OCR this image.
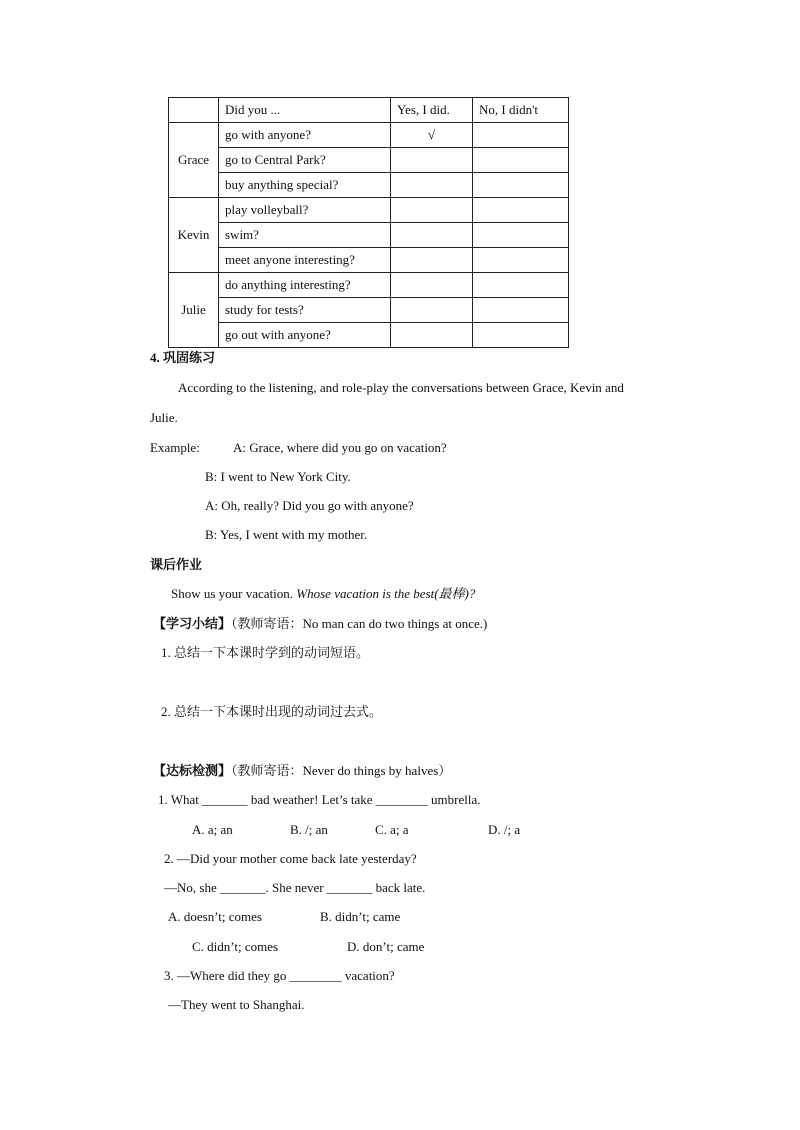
	Did you ...	Yes, I did.	No, I didn't
Grace	go with anyone?	√	
	go to Central Park?		
	buy anything special?		
Kevin	play volleyball?		
	swim?		
	meet anyone interesting?		
Julie	do anything interesting?		
	study for tests?		
	go out with anyone?		
4. 巩固练习
According to the listening, and role-play the conversations between Grace, Kevin and
Julie.
Example:	A: Grace, where did you go on vacation?
B: I went to New York City.
A: Oh, really? Did you go with anyone?
B: Yes, I went with my mother.
课后作业
Show us your vacation. Whose vacation is the best(最棒)?
【学习小结】（教师寄语：No man can do two things at once.)
1. 总结一下本课时学到的动词短语。
2. 总结一下本课时出现的动词过去式。
【达标检测】（教师寄语：Never do things by halves）
1. What _______ bad weather! Let’s take ________ umbrella.
A. a; an	B. /; an	C. a; a	D. /; a
2. —Did your mother come back late yesterday?
—No, she _______. She never _______ back late.
A. doesn’t; comes	B. didn’t; came
C. didn’t; comes	D. don’t; came
3. —Where did they go ________ vacation?
—They went to Shanghai.
